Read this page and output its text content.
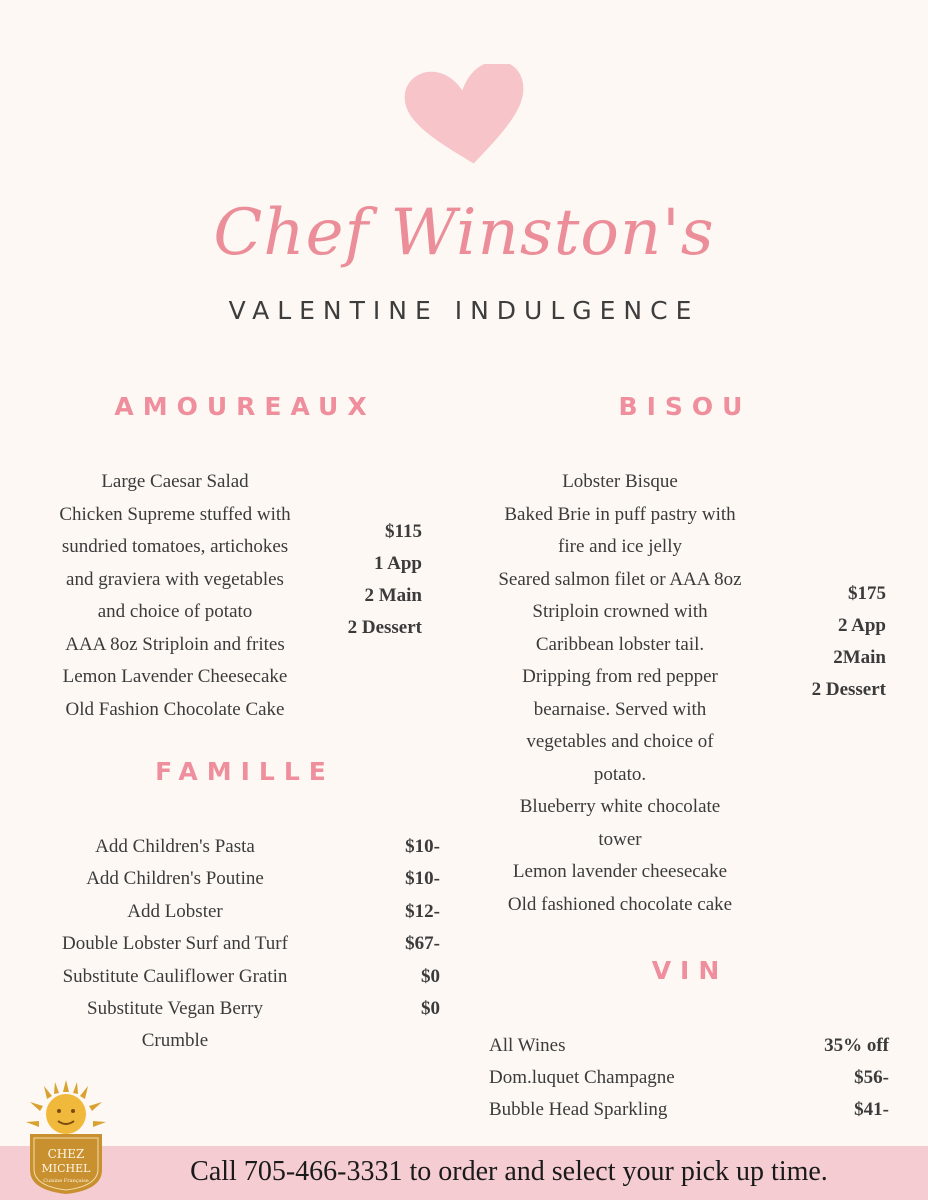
Chef Winston's
VALENTINE INDULGENCE
AMOUREAUX
Large Caesar Salad
Chicken Supreme stuffed with
sundried tomatoes, artichokes
and graviera with vegetables
and choice of potato
AAA 8oz Striploin and frites
Lemon Lavender Cheesecake
Old Fashion Chocolate Cake
$115
1 App
2 Main
2 Dessert
BISOU
Lobster Bisque
Baked Brie in puff pastry with
fire and ice jelly
Seared salmon filet or AAA 8oz
Striploin crowned with
Caribbean lobster tail.
Dripping from red pepper
bearnaise. Served with
vegetables and choice of
potato.
Blueberry white chocolate
tower
Lemon lavender cheesecake
Old fashioned chocolate cake
$175
2 App
2Main
2 Dessert
FAMILLE
Add Children's Pasta	$10-
Add Children's Poutine	$10-
Add Lobster	$12-
Double Lobster Surf and Turf	$67-
Substitute Cauliflower Gratin	$0
Substitute Vegan Berry	$0
Crumble
VIN
All Wines	35% off
Dom.luquet Champagne	$56-
Bubble Head Sparkling	$41-
Call 705-466-3331 to order and select your pick up time.
CHEZ
MICHEL
Cuisine Française
